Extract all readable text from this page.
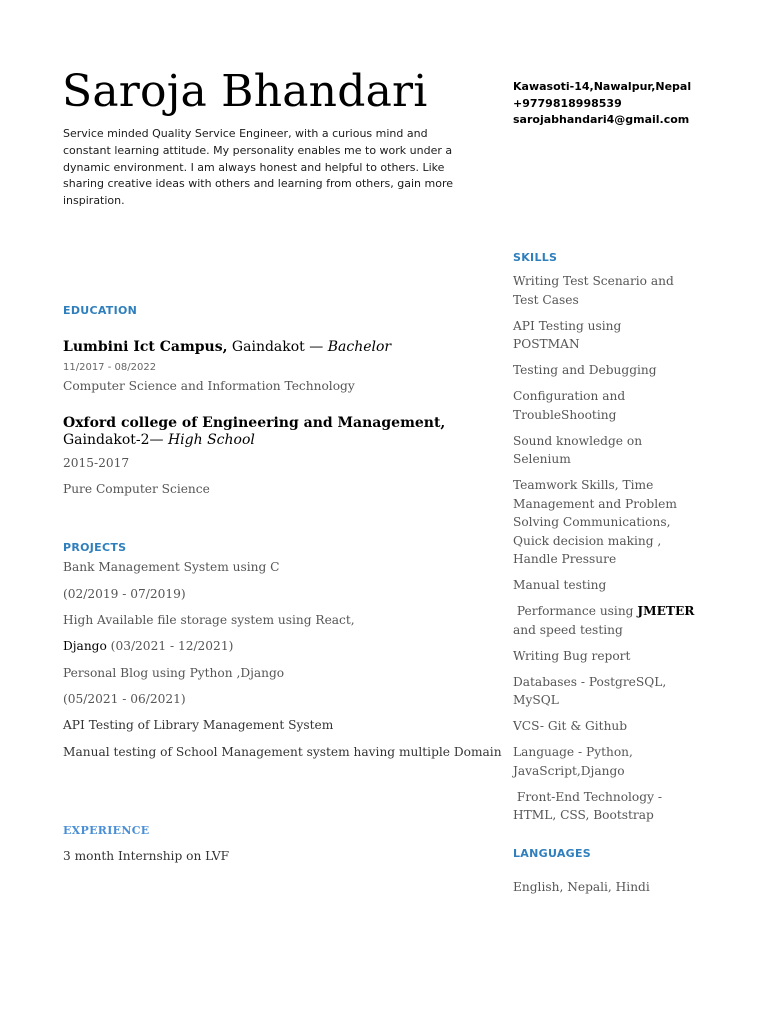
Saroja Bhandari
Service minded Quality Service Engineer, with a curious mind and constant learning attitude. My personality enables me to work under a dynamic environment. I am always honest and helpful to others. Like sharing creative ideas with others and learning from others, gain more inspiration.
Kawasoti-14,Nawalpur,Nepal
+9779818998539
sarojabhandari4@gmail.com
EDUCATION
Lumbini Ict Campus, Gaindakot — Bachelor
11/2017 - 08/2022
Computer Science and Information Technology
Oxford college of Engineering and Management,
Gaindakot-2— High School
2015-2017
Pure Computer Science
PROJECTS
Bank Management System using C
(02/2019 - 07/2019)
High Available file storage system using React,
Django (03/2021 - 12/2021)
Personal Blog using Python ,Django
(05/2021 - 06/2021)
API Testing of Library Management System
Manual testing of School Management system having multiple Domain
EXPERIENCE
3 month Internship on LVF
SKILLS
Writing Test Scenario and Test Cases
API Testing using POSTMAN
Testing and Debugging
Configuration and TroubleShooting
Sound knowledge on Selenium
Teamwork Skills, Time Management and Problem Solving Communications, Quick decision making , Handle Pressure
Manual testing
Performance using JMETER and speed testing
Writing Bug report
Databases - PostgreSQL, MySQL
VCS- Git & Github
Language - Python, JavaScript,Django
Front-End Technology - HTML, CSS, Bootstrap
LANGUAGES
English, Nepali, Hindi
